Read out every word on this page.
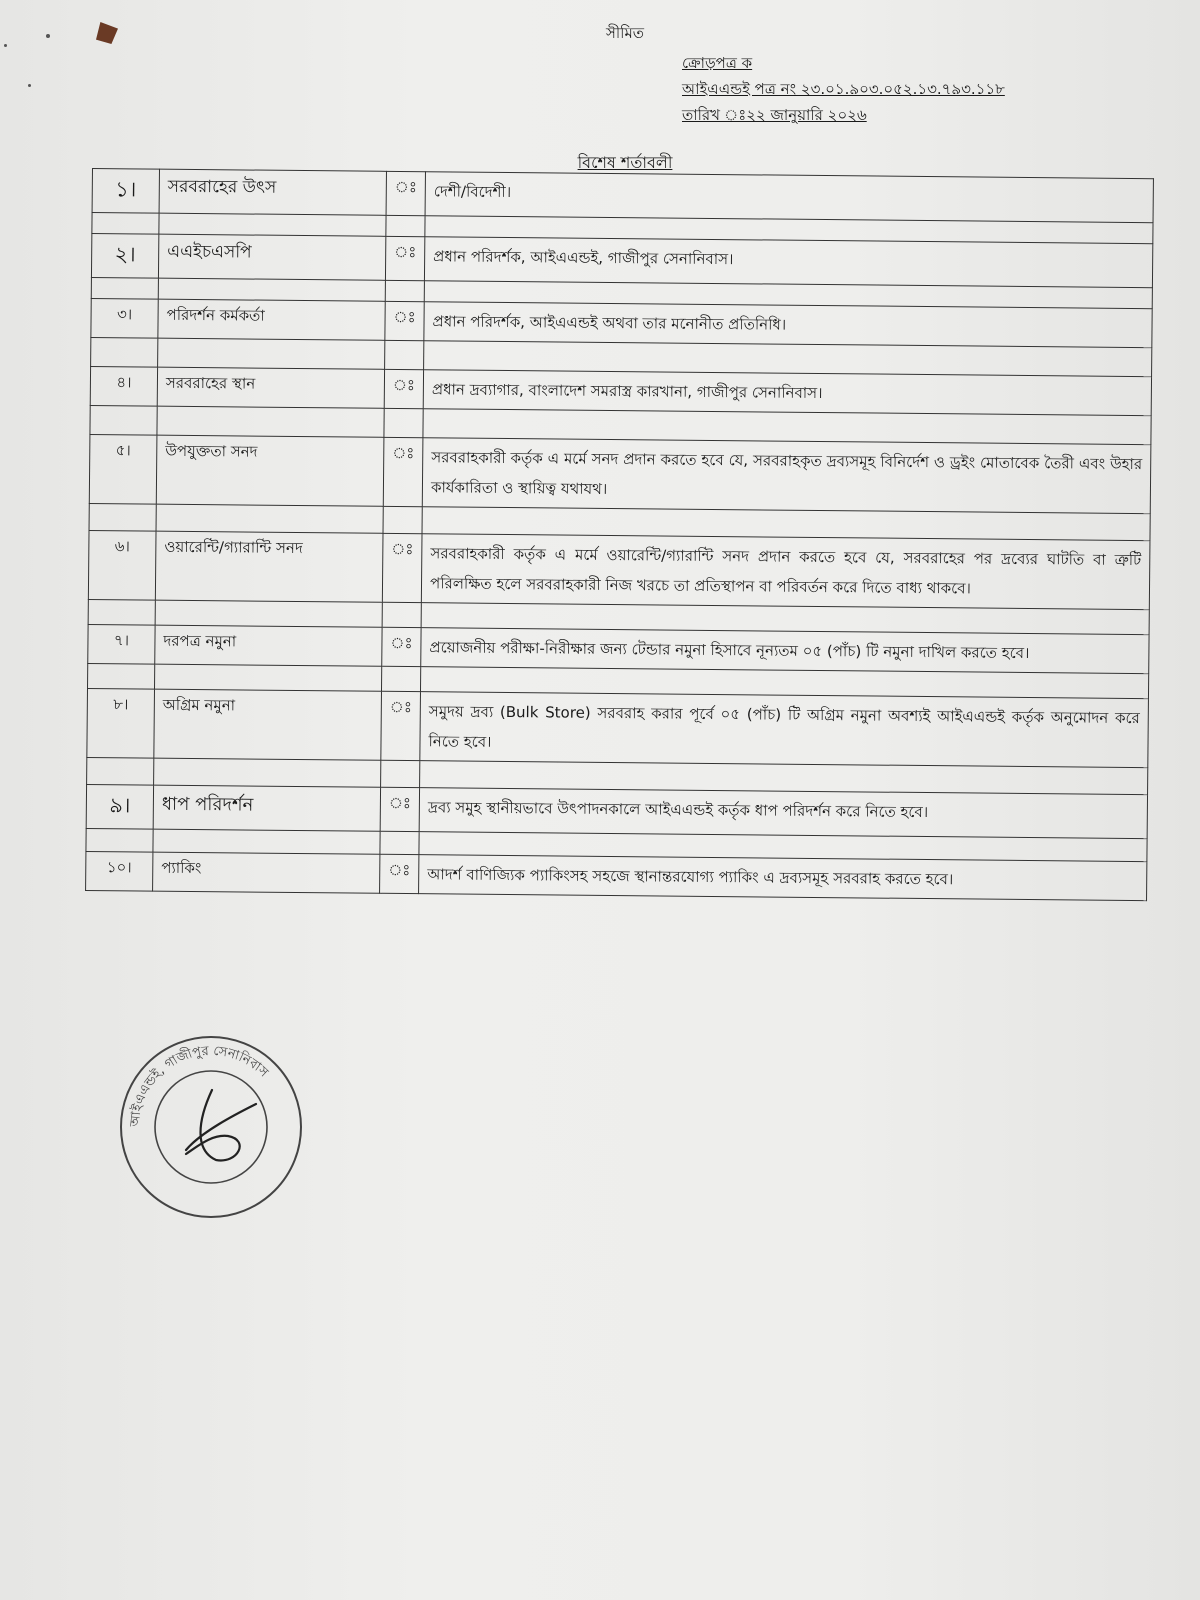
সীমিত
ক্রোড়পত্র ক
আইএএন্ডই পত্র নং ২৩.০১.৯০৩.০৫২.১৩.৭৯৩.১১৮
তারিখ ঃ২২ জানুয়ারি ২০২৬
বিশেষ শর্তাবলী
১।	সরবরাহের উৎস	ঃ	দেশী/বিদেশী।

২।	এএইচএসপি	ঃ	প্রধান পরিদর্শক, আইএএন্ডই, গাজীপুর সেনানিবাস।

৩।	পরিদর্শন কর্মকর্তা	ঃ	প্রধান পরিদর্শক, আইএএন্ডই অথবা তার মনোনীত প্রতিনিধি।

৪।	সরবরাহের স্থান	ঃ	প্রধান দ্রব্যাগার, বাংলাদেশ সমরাস্ত্র কারখানা, গাজীপুর সেনানিবাস।

৫।	উপযুক্ততা সনদ	ঃ	সরবরাহকারী কর্তৃক এ মর্মে সনদ প্রদান করতে হবে যে, সরবরাহকৃত দ্রব্যসমূহ বিনির্দেশ ও ড্রইং মোতাবেক তৈরী এবং উহার কার্যকারিতা ও স্থায়িত্ব যথাযথ।

৬।	ওয়ারেন্টি/গ্যারান্টি সনদ	ঃ	সরবরাহকারী কর্তৃক এ মর্মে ওয়ারেন্টি/গ্যারান্টি সনদ প্রদান করতে হবে যে, সরবরাহের পর দ্রব্যের ঘাটতি বা ত্রুটি পরিলক্ষিত হলে সরবরাহকারী নিজ খরচে তা প্রতিস্থাপন বা পরিবর্তন করে দিতে বাধ্য থাকবে।

৭।	দরপত্র নমুনা	ঃ	প্রয়োজনীয় পরীক্ষা-নিরীক্ষার জন্য টেন্ডার নমুনা হিসাবে নূন্যতম ০৫ (পাঁচ) টি নমুনা দাখিল করতে হবে।

৮।	অগ্রিম নমুনা	ঃ	সমুদয় দ্রব্য (Bulk Store) সরবরাহ করার পূর্বে ০৫ (পাঁচ) টি অগ্রিম নমুনা অবশ্যই আইএএন্ডই কর্তৃক অনুমোদন করে নিতে হবে।

৯।	ধাপ পরিদর্শন	ঃ	দ্রব্য সমুহ স্থানীয়ভাবে উৎপাদনকালে আইএএন্ডই কর্তৃক ধাপ পরিদর্শন করে নিতে হবে।

১০।	প্যাকিং	ঃ	আদর্শ বাণিজ্যিক প্যাকিংসহ সহজে স্থানান্তরযোগ্য প্যাকিং এ দ্রব্যসমূহ সরবরাহ করতে হবে।
আইএএন্ডই, গাজীপুর সেনানিবাস
